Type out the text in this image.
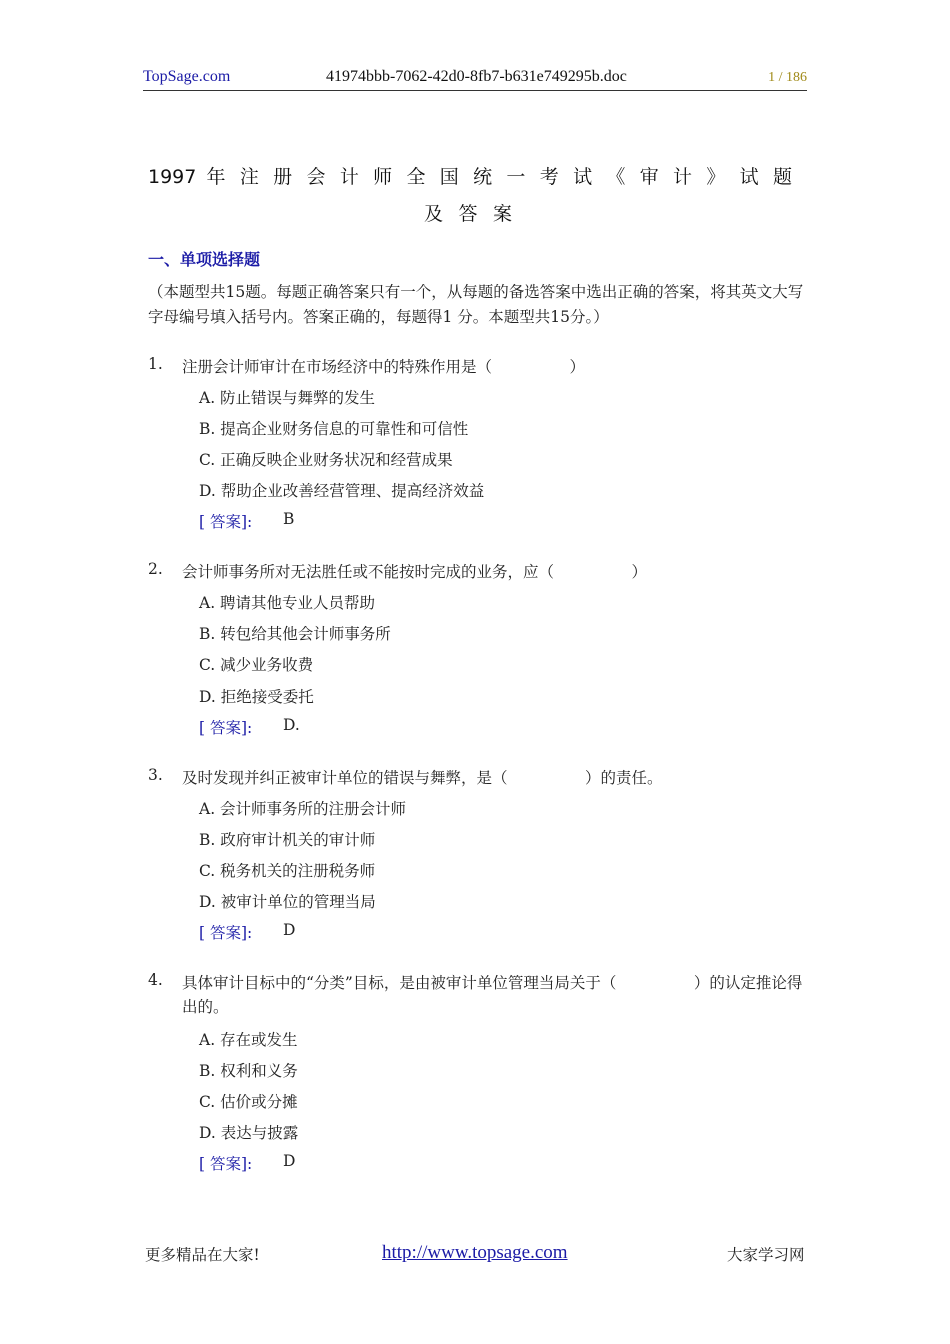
TopSage.com	41974bbb-7062-42d0-8fb7-b631e749295b.doc	1 / 186
1997 年 注 册 会 计 师 全 国 统 一 考 试 《 审 计 》 试 题
及 答 案
一、单项选择题
（本题型共15题。每题正确答案只有一个，从每题的备选答案中选出正确的答案，将其英文大写字母编号填入括号内。答案正确的，每题得1 分。本题型共15分。）
1. 注册会计师审计在市场经济中的特殊作用是（　　　　　）
A. 防止错误与舞弊的发生
B. 提高企业财务信息的可靠性和可信性
C. 正确反映企业财务状况和经营成果
D. 帮助企业改善经营管理、提高经济效益
[ 答案]: B
2. 会计师事务所对无法胜任或不能按时完成的业务，应（　　　　　）
A. 聘请其他专业人员帮助
B. 转包给其他会计师事务所
C. 减少业务收费
D. 拒绝接受委托
[ 答案]: D.
3. 及时发现并纠正被审计单位的错误与舞弊，是（　　　　　）的责任。
A. 会计师事务所的注册会计师
B. 政府审计机关的审计师
C. 税务机关的注册税务师
D. 被审计单位的管理当局
[ 答案]: D
4. 具体审计目标中的“分类”目标，是由被审计单位管理当局关于（　　　　　）的认定推论得出的。
A. 存在或发生
B. 权利和义务
C. 估价或分摊
D. 表达与披露
[ 答案]: D
更多精品在大家!	http://www.topsage.com	大家学习网
